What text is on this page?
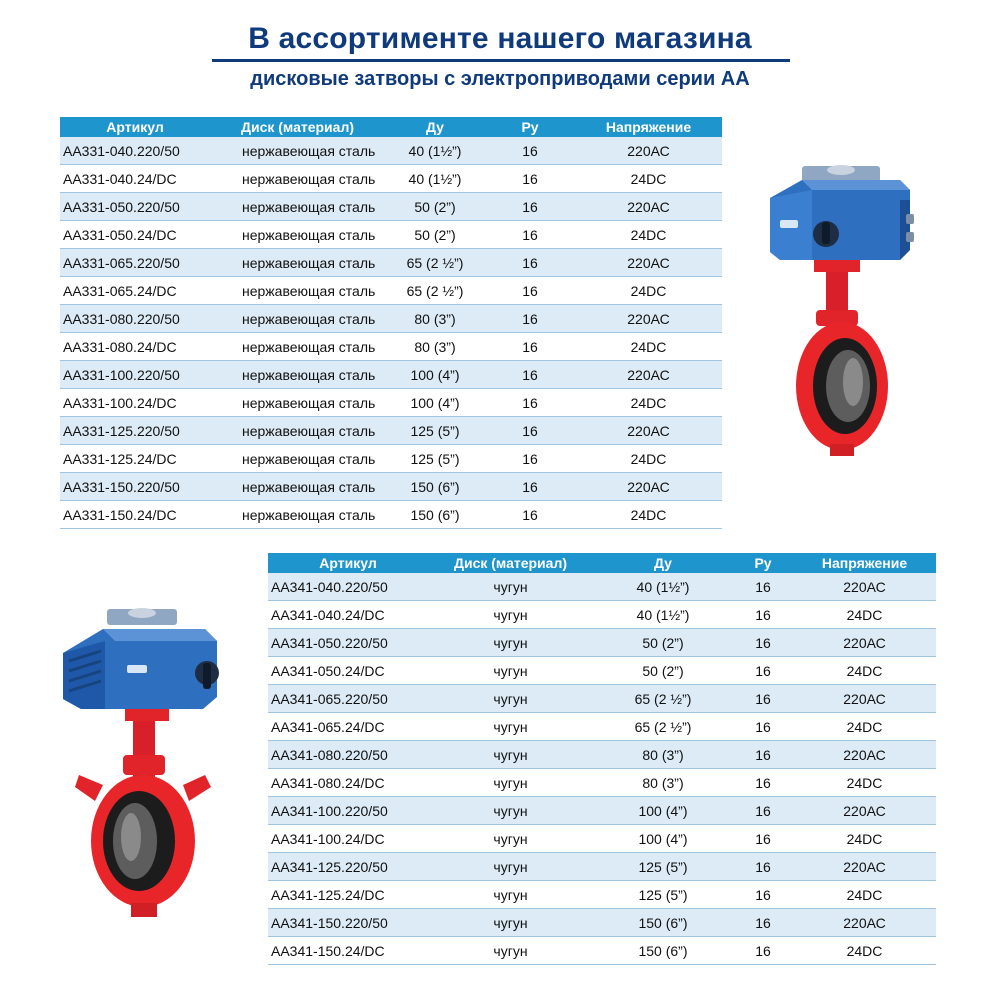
В ассортименте нашего магазина
дисковые затворы с электроприводами серии АА
Артикул	Диск (материал)	Ду	Ру	Напряжение
АА331-040.220/50	нержавеющая сталь	40 (1½”)	16	220АС
АА331-040.24/DC	нержавеющая сталь	40 (1½”)	16	24DC
АА331-050.220/50	нержавеющая сталь	50 (2”)	16	220АС
АА331-050.24/DC	нержавеющая сталь	50 (2”)	16	24DC
АА331-065.220/50	нержавеющая сталь	65 (2 ½”)	16	220АС
АА331-065.24/DC	нержавеющая сталь	65 (2 ½”)	16	24DC
АА331-080.220/50	нержавеющая сталь	80 (3”)	16	220АС
АА331-080.24/DC	нержавеющая сталь	80 (3”)	16	24DC
АА331-100.220/50	нержавеющая сталь	100 (4”)	16	220АС
АА331-100.24/DC	нержавеющая сталь	100 (4”)	16	24DC
АА331-125.220/50	нержавеющая сталь	125 (5”)	16	220АС
АА331-125.24/DC	нержавеющая сталь	125 (5”)	16	24DC
АА331-150.220/50	нержавеющая сталь	150 (6”)	16	220АС
АА331-150.24/DC	нержавеющая сталь	150 (6”)	16	24DC
Артикул	Диск (материал)	Ду	Ру	Напряжение
АА341-040.220/50	чугун	40 (1½”)	16	220АС
АА341-040.24/DC	чугун	40 (1½”)	16	24DC
АА341-050.220/50	чугун	50 (2”)	16	220АС
АА341-050.24/DC	чугун	50 (2”)	16	24DC
АА341-065.220/50	чугун	65 (2 ½”)	16	220АС
АА341-065.24/DC	чугун	65 (2 ½”)	16	24DC
АА341-080.220/50	чугун	80 (3”)	16	220АС
АА341-080.24/DC	чугун	80 (3”)	16	24DC
АА341-100.220/50	чугун	100 (4”)	16	220АС
АА341-100.24/DC	чугун	100 (4”)	16	24DC
АА341-125.220/50	чугун	125 (5”)	16	220АС
АА341-125.24/DC	чугун	125 (5”)	16	24DC
АА341-150.220/50	чугун	150 (6”)	16	220АС
АА341-150.24/DC	чугун	150 (6”)	16	24DC
